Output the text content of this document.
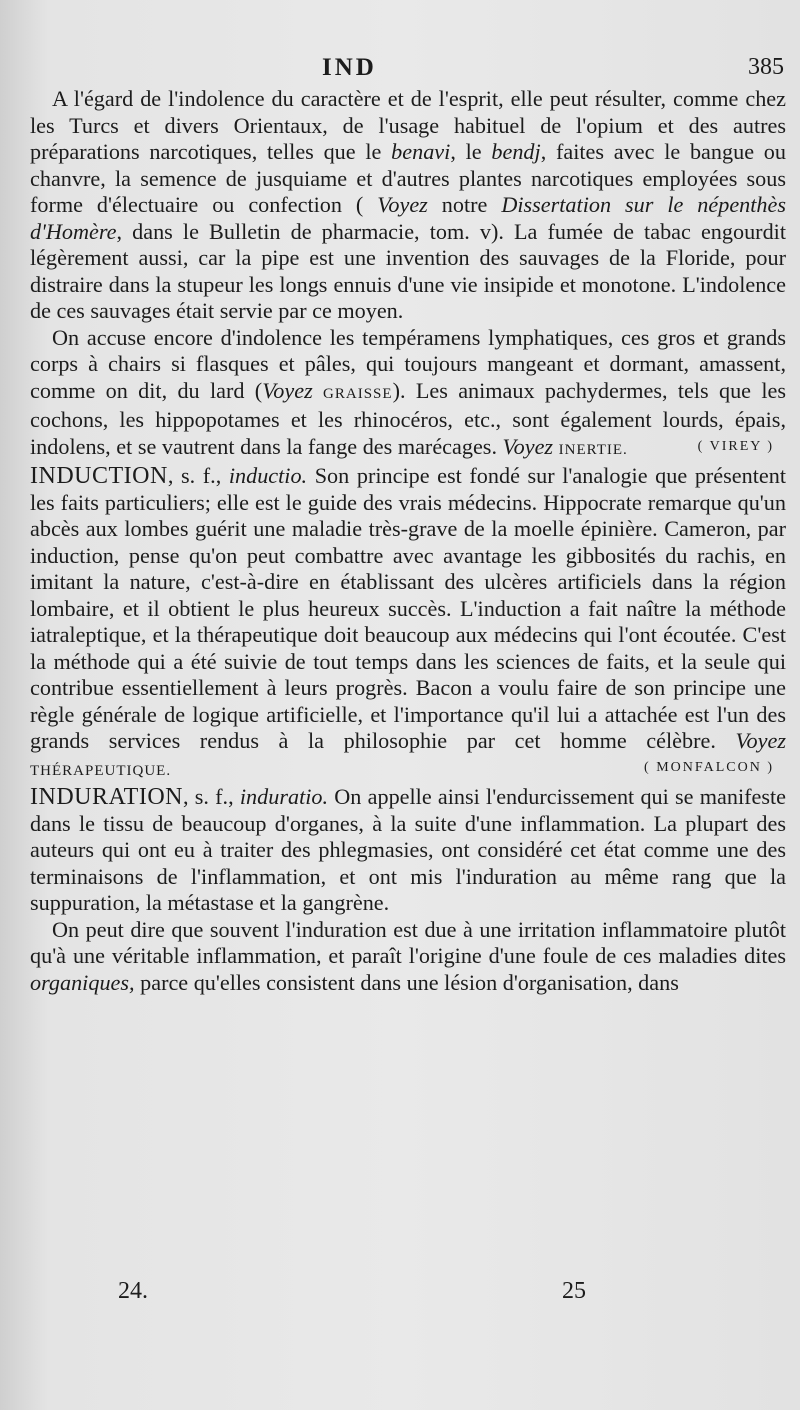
IND	385

A l'égard de l'indolence du caractère et de l'esprit, elle peut résulter, comme chez les Turcs et divers Orientaux, de l'usage habituel de l'opium et des autres préparations narcotiques, telles que le benavi, le bendj, faites avec le bangue ou chanvre, la semence de jusquiame et d'autres plantes narcotiques employées sous forme d'électuaire ou confection ( Voyez notre Dissertation sur le népenthès d'Homère, dans le Bulletin de pharmacie, tom. v). La fumée de tabac engourdit légèrement aussi, car la pipe est une invention des sauvages de la Floride, pour distraire dans la stupeur les longs ennuis d'une vie insipide et monotone. L'indolence de ces sauvages était servie par ce moyen.

On accuse encore d'indolence les tempéramens lymphatiques, ces gros et grands corps à chairs si flasques et pâles, qui toujours mangeant et dormant, amassent, comme on dit, du lard (Voyez GRAISSE). Les animaux pachydermes, tels que les cochons, les hippopotames et les rhinocéros, etc., sont également lourds, épais, indolens, et se vautrent dans la fange des marécages. Voyez INERTIE.	( VIREY )

INDUCTION, s. f., inductio. Son principe est fondé sur l'analogie que présentent les faits particuliers; elle est le guide des vrais médecins. Hippocrate remarque qu'un abcès aux lombes guérit une maladie très-grave de la moelle épinière. Cameron, par induction, pense qu'on peut combattre avec avantage les gibbosités du rachis, en imitant la nature, c'est-à-dire en établissant des ulcères artificiels dans la région lombaire, et il obtient le plus heureux succès. L'induction a fait naître la méthode iatraleptique, et la thérapeutique doit beaucoup aux médecins qui l'ont écoutée. C'est la méthode qui a été suivie de tout temps dans les sciences de faits, et la seule qui contribue essentiellement à leurs progrès. Bacon a voulu faire de son principe une règle générale de logique artificielle, et l'importance qu'il lui a attachée est l'un des grands services rendus à la philosophie par cet homme célèbre. Voyez THÉRAPEUTIQUE.	( MONFALCON )

INDURATION, s. f., induratio. On appelle ainsi l'endurcissement qui se manifeste dans le tissu de beaucoup d'organes, à la suite d'une inflammation. La plupart des auteurs qui ont eu à traiter des phlegmasies, ont considéré cet état comme une des terminaisons de l'inflammation, et ont mis l'induration au même rang que la suppuration, la métastase et la gangrène.

On peut dire que souvent l'induration est due à une irritation inflammatoire plutôt qu'à une véritable inflammation, et paraît l'origine d'une foule de ces maladies dites organiques, parce qu'elles consistent dans une lésion d'organisation, dans

24.	25
